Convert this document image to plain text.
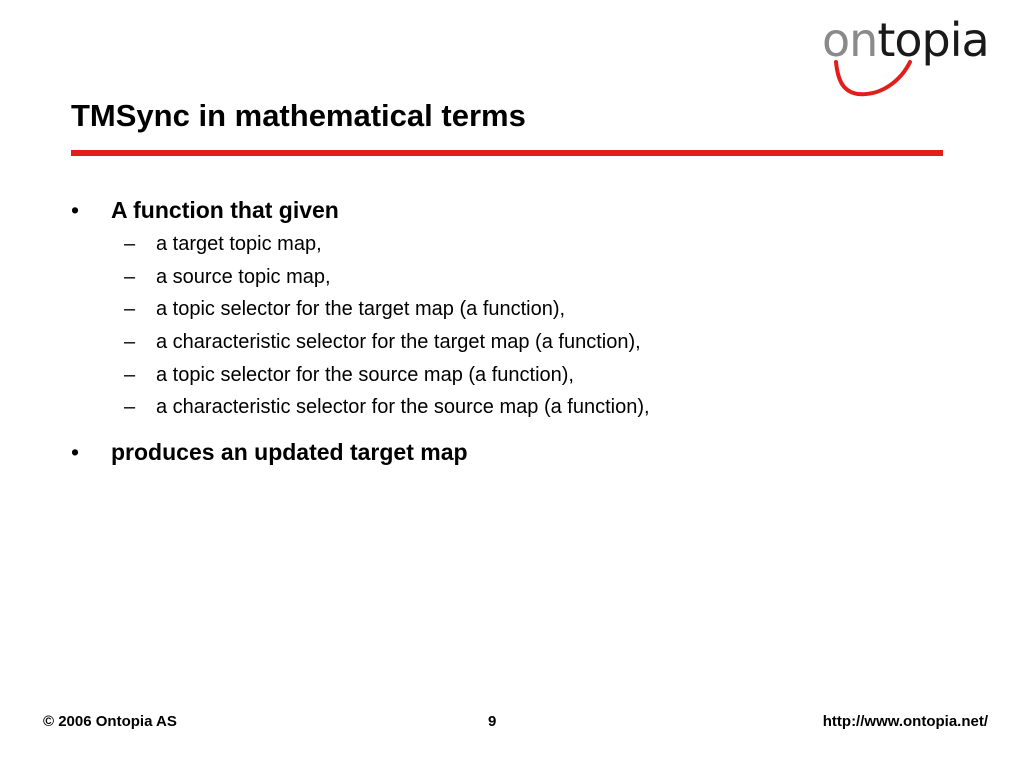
ontopia
TMSync in mathematical terms
• A function that given
– a target topic map,
– a source topic map,
– a topic selector for the target map (a function),
– a characteristic selector for the target map (a function),
– a topic selector for the source map (a function),
– a characteristic selector for the source map (a function),
• produces an updated target map
© 2006 Ontopia AS	9	http://www.ontopia.net/
